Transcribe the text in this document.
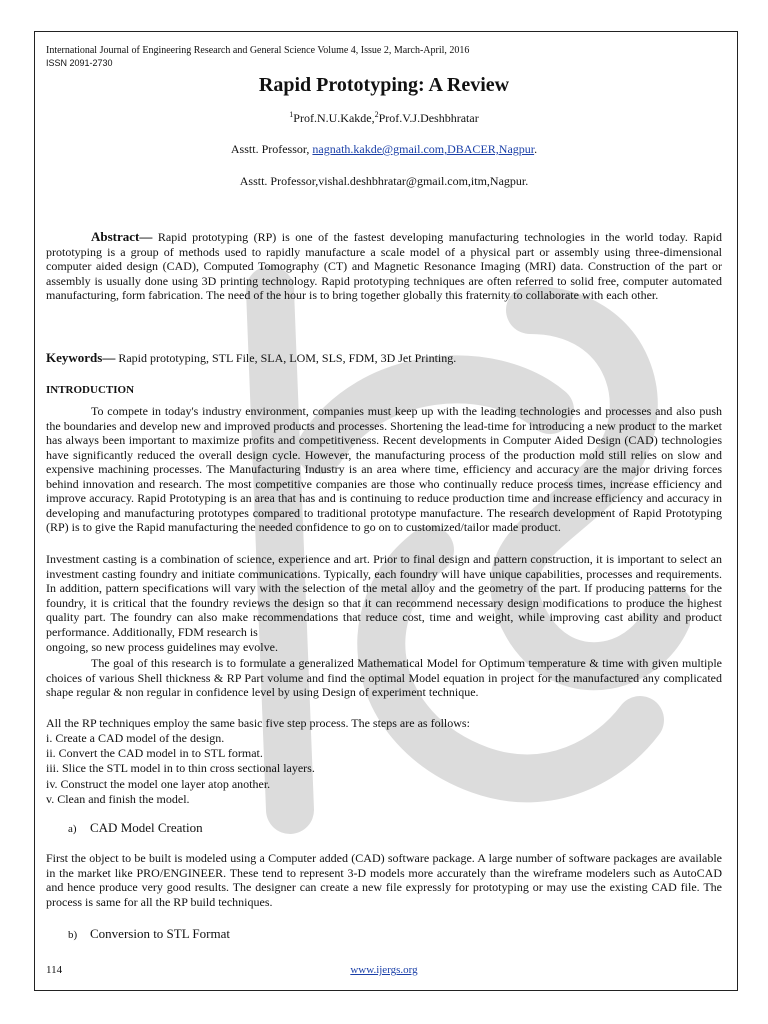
International Journal of Engineering Research and General Science Volume 4, Issue 2, March-April, 2016
ISSN 2091-2730
Rapid Prototyping: A Review
$^1$Prof.N.U.Kakde,$^2$Prof.V.J.Deshbhratar
Asstt. Professor, nagnath.kakde@gmail.com,DBACER,Nagpur.
Asstt. Professor,vishal.deshbhratar@gmail.com,itm,Nagpur.
Abstract— Rapid prototyping (RP) is one of the fastest developing manufacturing technologies in the world today. Rapid prototyping is a group of methods used to rapidly manufacture a scale model of a physical part or assembly using three-dimensional computer aided design (CAD), Computed Tomography (CT) and Magnetic Resonance Imaging (MRI) data. Construction of the part or assembly is usually done using 3D printing technology. Rapid prototyping techniques are often referred to solid free, computer automated manufacturing, form fabrication. The need of the hour is to bring together globally this fraternity to collaborate with each other.
Keywords— Rapid prototyping, STL File, SLA, LOM, SLS, FDM, 3D Jet Printing.
INTRODUCTION
To compete in today's industry environment, companies must keep up with the leading technologies and processes and also push the boundaries and develop new and improved products and processes. Shortening the lead-time for introducing a new product to the market has always been important to maximize profits and competitiveness. Recent developments in Computer Aided Design (CAD) technologies have significantly reduced the overall design cycle. However, the manufacturing process of the production mold still relies on slow and expensive machining processes. The Manufacturing Industry is an area where time, efficiency and accuracy are the major driving forces behind innovation and research. The most competitive companies are those who continually reduce process times, increase efficiency and improve accuracy. Rapid Prototyping is an area that has and is continuing to reduce production time and increase efficiency and accuracy in developing and manufacturing prototypes compared to traditional prototype manufacture. The research development of Rapid Prototyping (RP) is to give the Rapid manufacturing the needed confidence to go on to customized/tailor made product.
Investment casting is a combination of science, experience and art. Prior to final design and pattern construction, it is important to select an investment casting foundry and initiate communications. Typically, each foundry will have unique capabilities, processes and requirements. In addition, pattern specifications will vary with the selection of the metal alloy and the geometry of the part. If producing patterns for the foundry, it is critical that the foundry reviews the design so that it can recommend necessary design modifications to produce the highest quality part. The foundry can also make recommendations that reduce cost, time and weight, while improving cast ability and product performance. Additionally, FDM research is
ongoing, so new process guidelines may evolve.
The goal of this research is to formulate a generalized Mathematical Model for Optimum temperature & time with given multiple choices of various Shell thickness & RP Part volume and find the optimal Model equation in project for the manufactured any complicated shape regular & non regular in confidence level by using Design of experiment technique.
All the RP techniques employ the same basic five step process. The steps are as follows:
i. Create a CAD model of the design.
ii. Convert the CAD model in to STL format.
iii. Slice the STL model in to thin cross sectional layers.
iv. Construct the model one layer atop another.
v. Clean and finish the model.
a) CAD Model Creation
First the object to be built is modeled using a Computer added (CAD) software package. A large number of software packages are available in the market like PRO/ENGINEER. These tend to represent 3-D models more accurately than the wireframe modelers such as AutoCAD and hence produce very good results. The designer can create a new file expressly for prototyping or may use the existing CAD file. The process is same for all the RP build techniques.
b) Conversion to STL Format
114	www.ijergs.org
